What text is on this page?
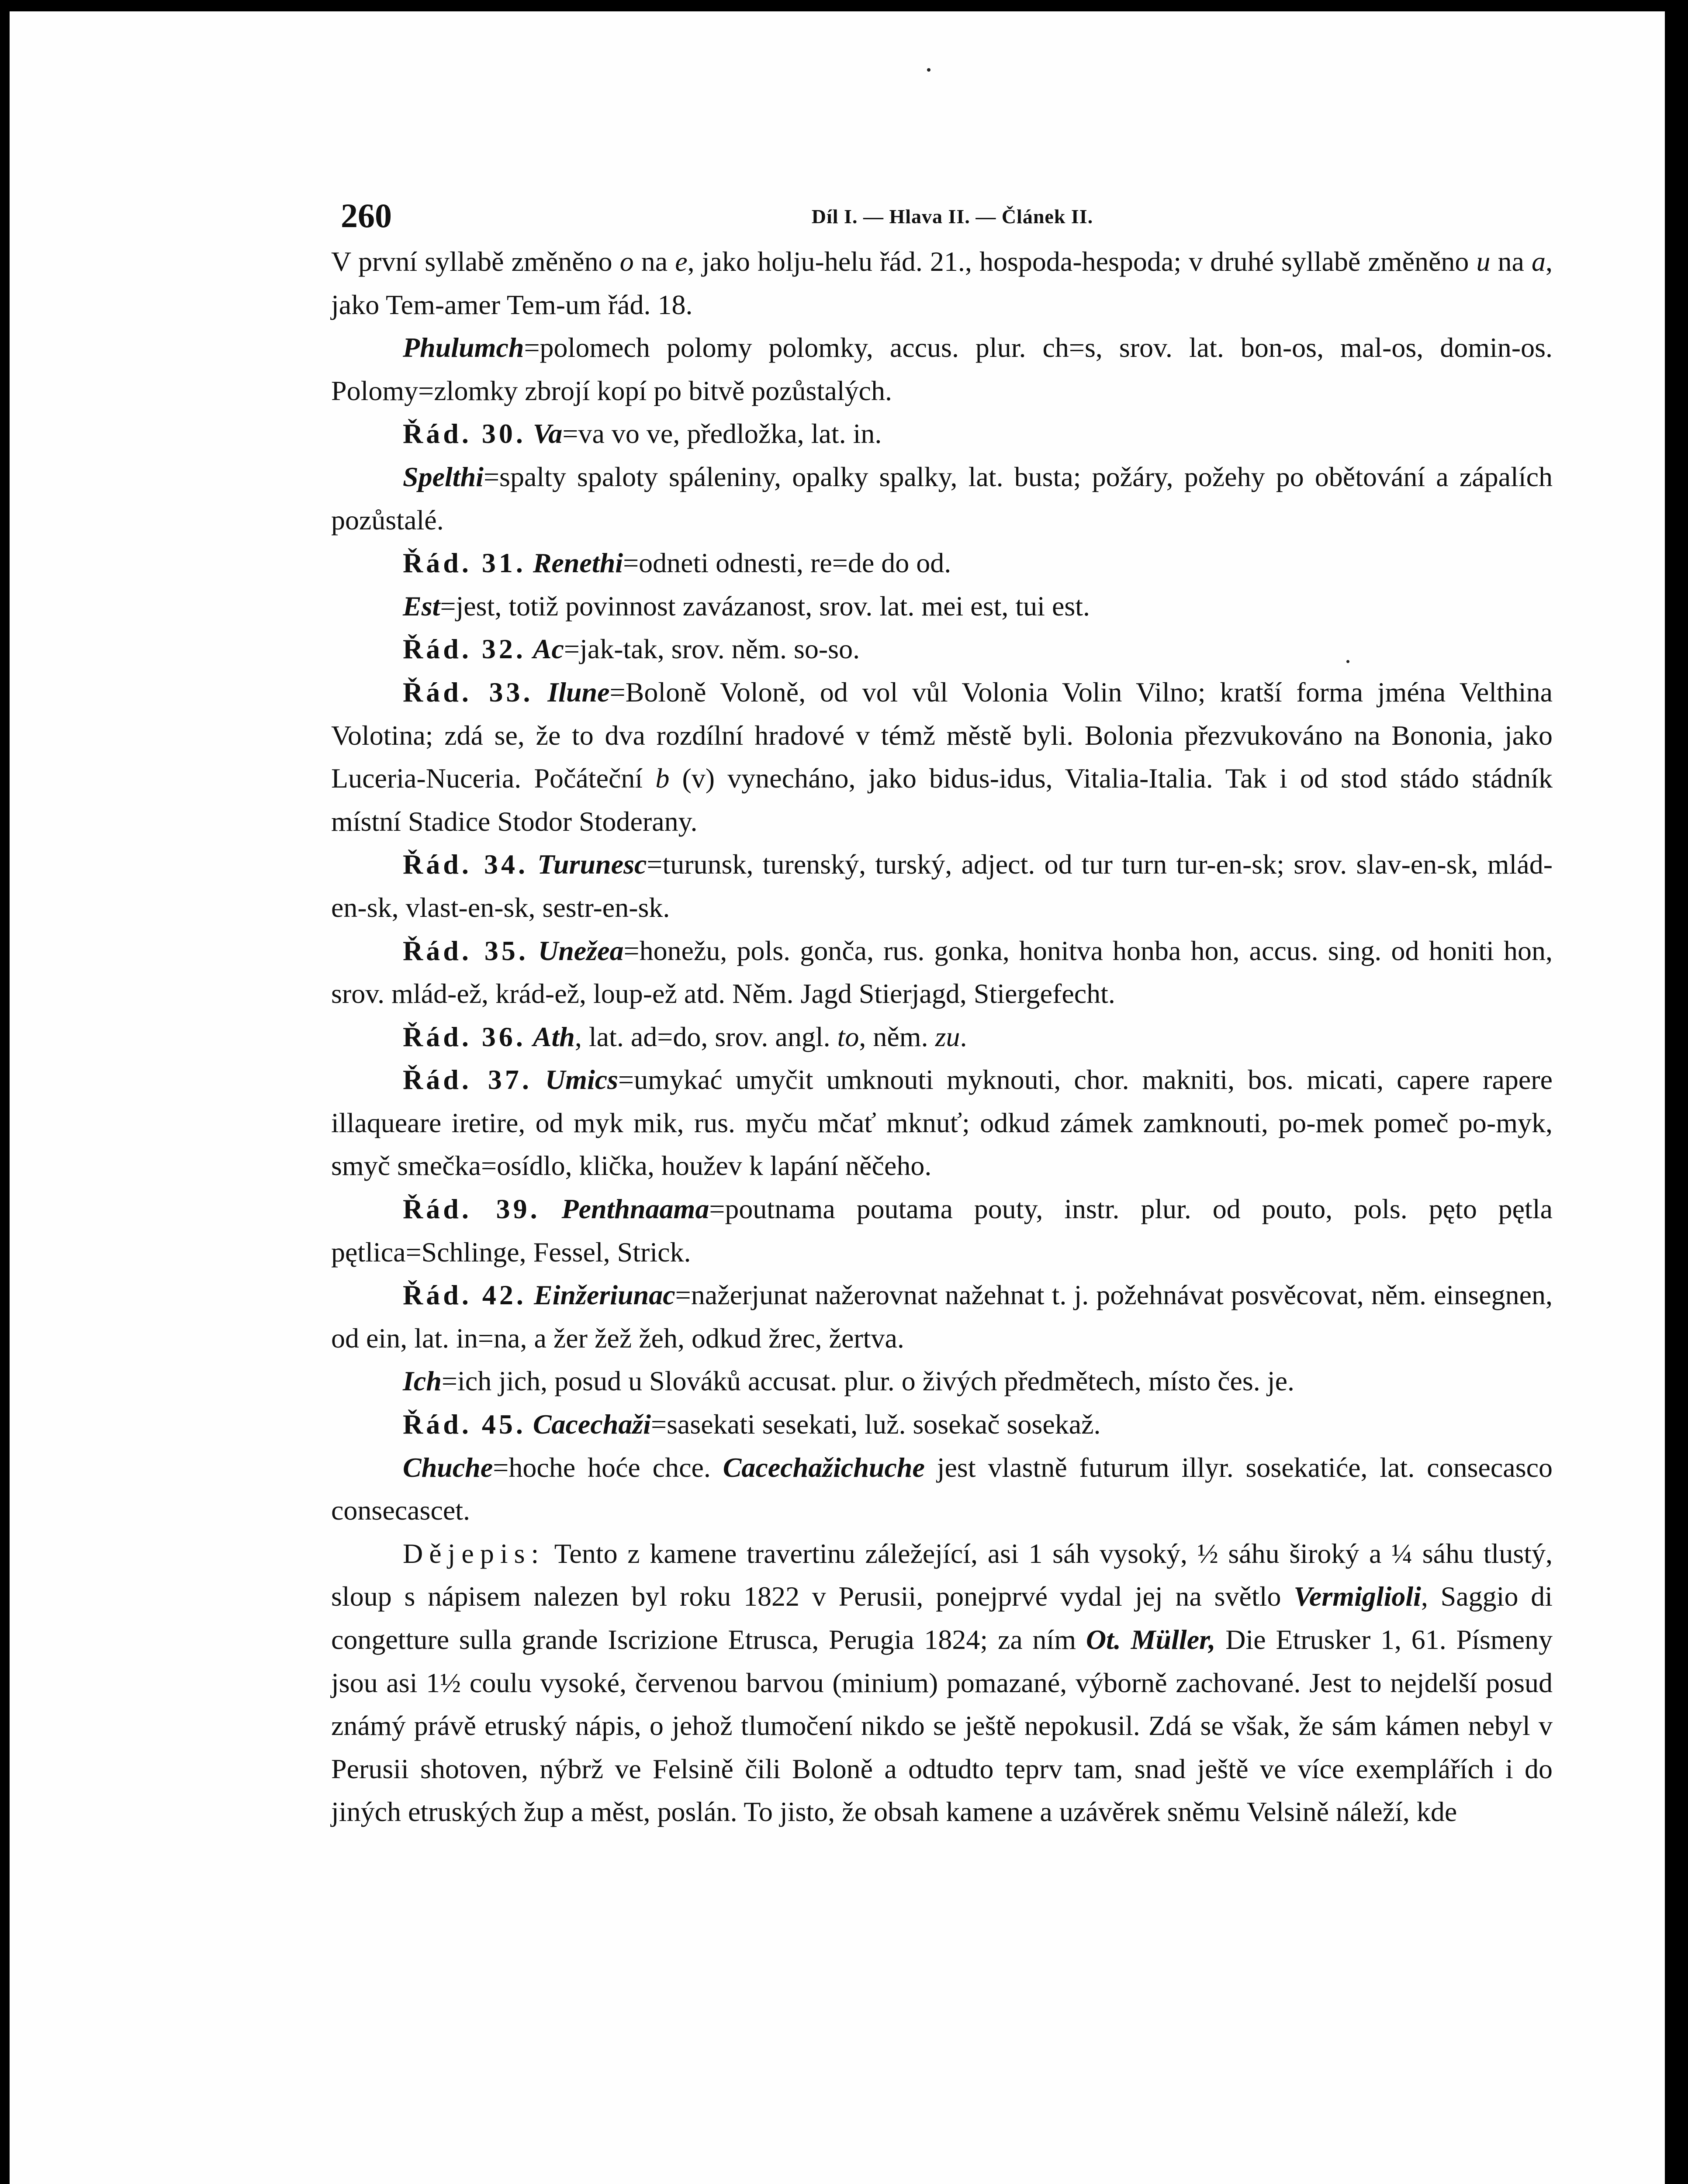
260	Díl I. — Hlava II. — Článek II.

V první syllabě změněno o na e, jako holju-helu řád. 21., hospoda-hespoda; v druhé syllabě změněno u na a, jako Tem-amer Tem-um řád. 18.

Phulumch=polomech polomy polomky, accus. plur. ch=s, srov. lat. bon-os, mal-os, domin-os. Polomy=zlomky zbrojí kopí po bitvě pozůstalých.

Řád. 30. Va=va vo ve, předložka, lat. in.

Spelthi=spalty spaloty spáleniny, opalky spalky, lat. busta; požáry, požehy po obětování a zápalích pozůstalé.

Řád. 31. Renethi=odneti odnesti, re=de do od.

Est=jest, totiž povinnost zavázanost, srov. lat. mei est, tui est.

Řád. 32. Ac=jak-tak, srov. něm. so-so.

Řád. 33. Ilune=Boloně Voloně, od vol vůl Volonia Volin Vilno; kratší forma jména Velthina Volotina; zdá se, že to dva rozdílní hradové v témž městě byli. Bolonia přezvukováno na Bononia, jako Luceria-Nuceria. Počáteční b (v) vynecháno, jako bidus-idus, Vitalia-Italia. Tak i od stod stádo stádník místní Stadice Stodor Stoderany.

Řád. 34. Turunesc=turunsk, turenský, turský, adject. od tur turn tur-en-sk; srov. slav-en-sk, mlád-en-sk, vlast-en-sk, sestr-en-sk.

Řád. 35. Unežea=honežu, pols. gonča, rus. gonka, honitva honba hon, accus. sing. od honiti hon, srov. mlád-ež, krád-ež, loup-ež atd. Něm. Jagd Stierjagd, Stiergefecht.

Řád. 36. Ath, lat. ad=do, srov. angl. to, něm. zu.

Řád. 37. Umics=umykać umyčit umknouti myknouti, chor. makniti, bos. micati, capere rapere illaqueare iretire, od myk mik, rus. myču mčať mknuť; odkud zámek zamknouti, po-mek pomeč po-myk, smyč smečka=osídlo, klička, houžev k lapání něčeho.

Řád. 39. Penthnaama=poutnama poutama pouty, instr. plur. od pouto, pols. pęto pętla pętlica=Schlinge, Fessel, Strick.

Řád. 42. Einžeriunac=nažerjunat nažerovnat nažehnat t. j. požehnávat posvěcovat, něm. einsegnen, od ein, lat. in=na, a žer žež žeh, odkud žrec, žertva.

Ich=ich jich, posud u Slováků accusat. plur. o živých předmětech, místo čes. je.

Řád. 45. Cacechaži=sasekati sesekati, luž. sosekač sosekaž.

Chuche=hoche hoće chce. Cacechažichuche jest vlastně futurum illyr. sosekatiće, lat. consecasco consecascet.

Dějepis: Tento z kamene travertinu záležející, asi 1 sáh vysoký, ½ sáhu široký a ¼ sáhu tlustý, sloup s nápisem nalezen byl roku 1822 v Perusii, ponejprvé vydal jej na světlo Vermiglioli, Saggio di congetture sulla grande Iscrizione Etrusca, Perugia 1824; za ním Ot. Müller, Die Etrusker 1, 61. Písmeny jsou asi 1½ coulu vysoké, červenou barvou (minium) pomazané, výborně zachované. Jest to nejdelší posud známý právě etruský nápis, o jehož tlumočení nikdo se ještě nepokusil. Zdá se však, že sám kámen nebyl v Perusii shotoven, nýbrž ve Felsině čili Boloně a odtudto teprv tam, snad ještě ve více exemplářích i do jiných etruských žup a měst, poslán. To jisto, že obsah kamene a uzávěrek sněmu Velsině náleží, kde
